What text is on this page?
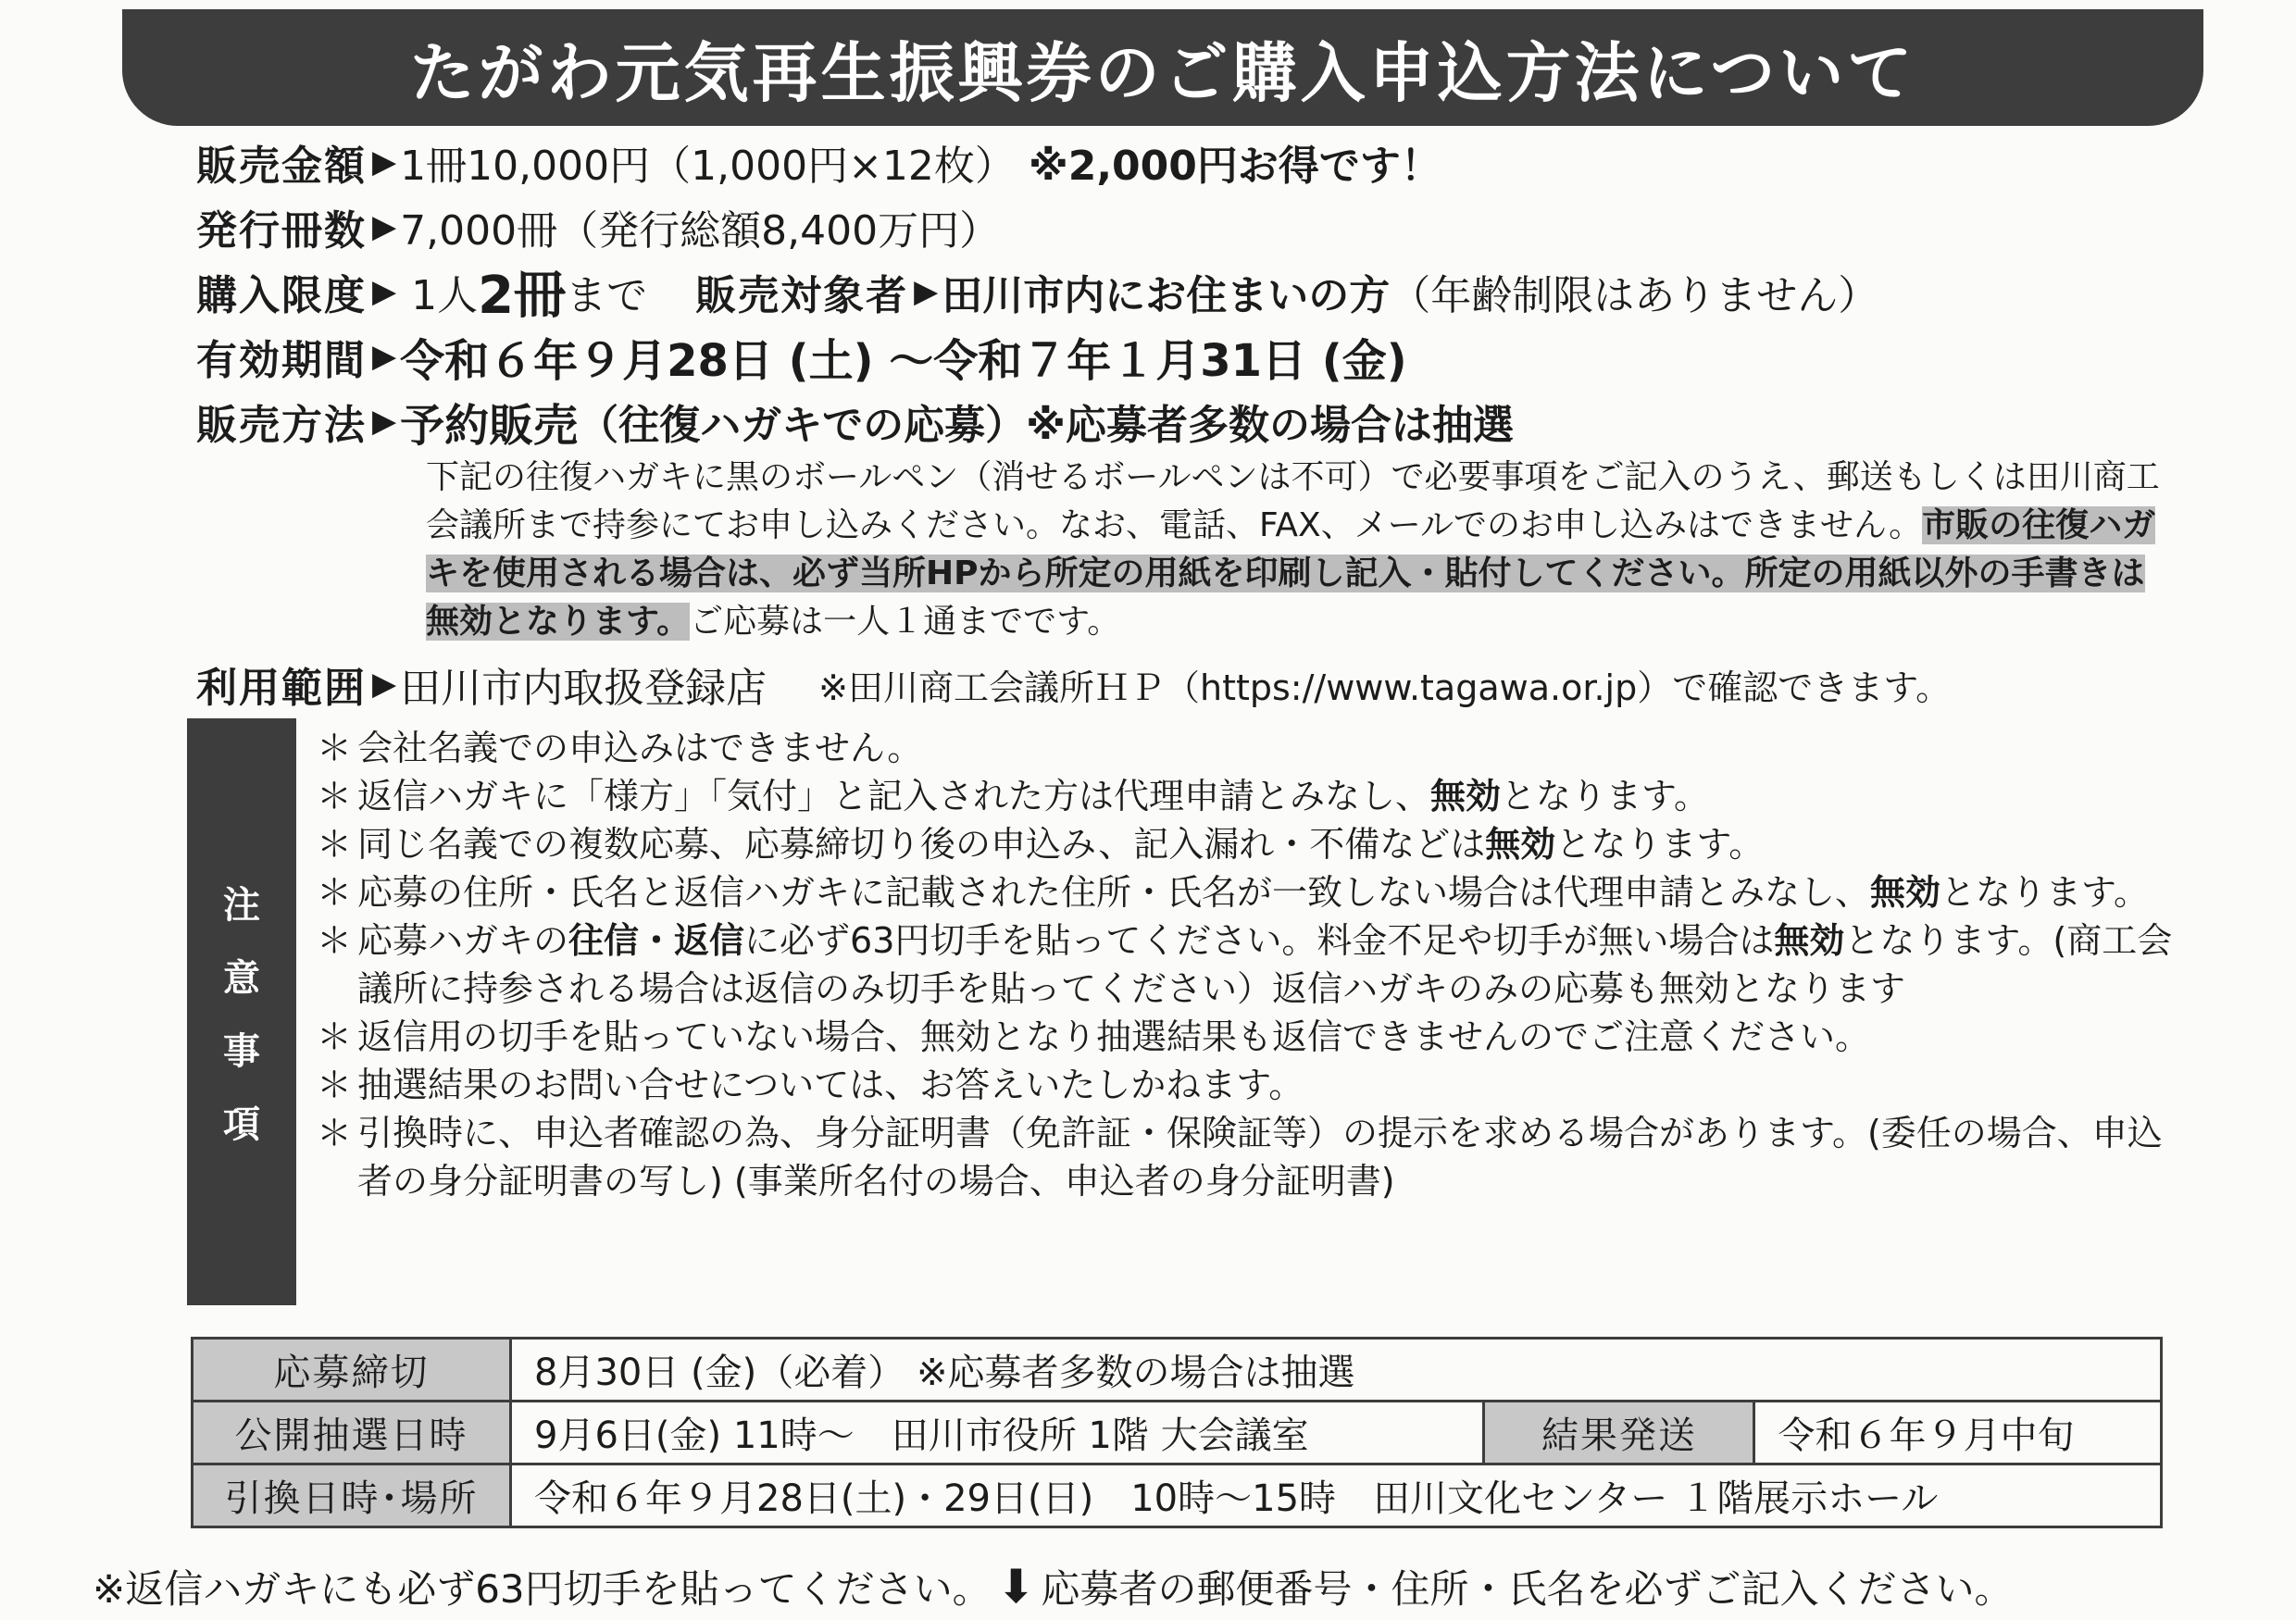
たがわ元気再生振興券のご購入申込方法について
販売金額 ▶ 1冊10,000円（1,000円×12枚） ※2,000円お得です！
発行冊数 ▶ 7,000冊（発行総額8,400万円）
購入限度 ▶ 1人 2冊 まで 販売対象者 ▶ 田川市内にお住まいの方 （年齢制限はありません）
有効期間 ▶ 令和６年９月28日 (土) ～令和７年１月31日 (金)
販売方法 ▶ 予約販売 （往復ハガキでの応募）※応募者多数の場合は抽選

下記の往復ハガキに黒のボールペン（消せるボールペンは不可）で必要事項をご記入のうえ、郵送もしくは田川商工会議所まで持参にてお申し込みください。なお、電話、FAX、メールでのお申し込みはできません。市販の往復ハガキを使用される場合は、必ず当所HPから所定の用紙を印刷し記入・貼付してください。所定の用紙以外の手書きは無効となります。ご応募は一人１通までです。

利用範囲 ▶ 田川市内取扱登録店 ※田川商工会議所ＨＰ（https://www.tagawa.or.jp）で確認できます。
注
意
事
項
＊ 会社名義での申込みはできません。
＊ 返信ハガキに「様方」「気付」と記入された方は代理申請とみなし、無効となります。
＊ 同じ名義での複数応募、応募締切り後の申込み、記入漏れ・不備などは無効となります。
＊ 応募の住所・氏名と返信ハガキに記載された住所・氏名が一致しない場合は代理申請とみなし、無効となります。
＊ 応募ハガキの往信・返信に必ず63円切手を貼ってください。料金不足や切手が無い場合は無効となります。(商工会議所に持参される場合は返信のみ切手を貼ってください）返信ハガキのみの応募も無効となります
＊ 返信用の切手を貼っていない場合、無効となり抽選結果も返信できませんのでご注意ください。
＊ 抽選結果のお問い合せについては、お答えいたしかねます。
＊ 引換時に、申込者確認の為、身分証明書（免許証・保険証等）の提示を求める場合があります。(委任の場合、申込者の身分証明書の写し) (事業所名付の場合、申込者の身分証明書)
応募締切	8月30日 (金)（必着） ※応募者多数の場合は抽選		
公開抽選日時	9月6日(金) 11時～　田川市役所 1階 大会議室	結果発送	令和６年９月中旬
引換日時･場所	令和６年９月28日(土)・29日(日)　10時～15時　田川文化センター １階展示ホール		
※返信ハガキにも必ず63円切手を貼ってください。 ⬇ 応募者の郵便番号・住所・氏名を必ずご記入ください。
